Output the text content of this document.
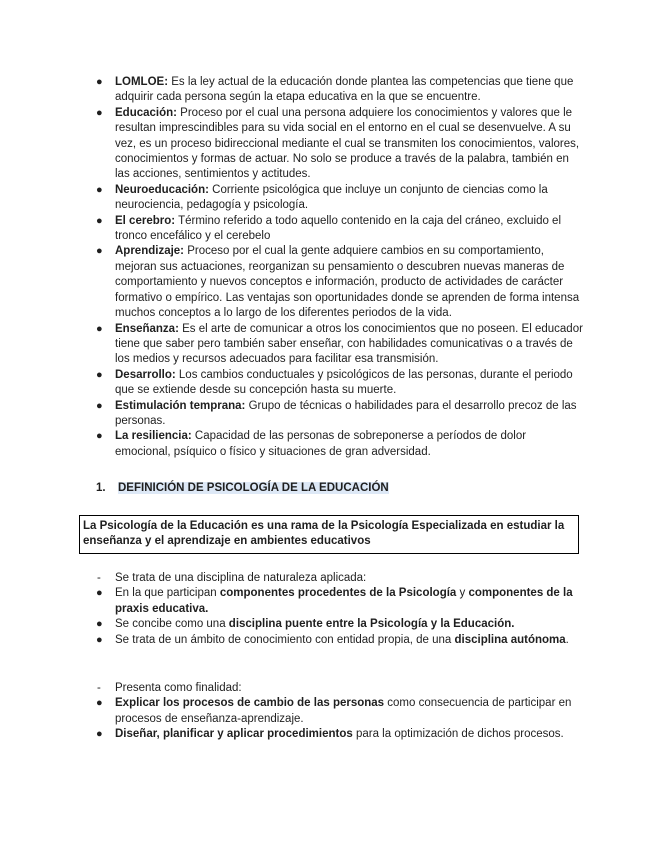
● LOMLOE: Es la ley actual de la educación donde plantea las competencias que tiene que adquirir cada persona según la etapa educativa en la que se encuentre.
● Educación: Proceso por el cual una persona adquiere los conocimientos y valores que le resultan imprescindibles para su vida social en el entorno en el cual se desenvuelve. A su vez, es un proceso bidireccional mediante el cual se transmiten los conocimientos, valores, conocimientos y formas de actuar. No solo se produce a través de la palabra, también en las acciones, sentimientos y actitudes.
● Neuroeducación: Corriente psicológica que incluye un conjunto de ciencias como la neurociencia, pedagogía y psicología.
● El cerebro: Término referido a todo aquello contenido en la caja del cráneo, excluido el tronco encefálico y el cerebelo
● Aprendizaje: Proceso por el cual la gente adquiere cambios en su comportamiento, mejoran sus actuaciones, reorganizan su pensamiento o descubren nuevas maneras de comportamiento y nuevos conceptos e información, producto de actividades de carácter formativo o empírico. Las ventajas son oportunidades donde se aprenden de forma intensa muchos conceptos a lo largo de los diferentes periodos de la vida.
● Enseñanza: Es el arte de comunicar a otros los conocimientos que no poseen. El educador tiene que saber pero también saber enseñar, con habilidades comunicativas o a través de los medios y recursos adecuados para facilitar esa transmisión.
● Desarrollo: Los cambios conductuales y psicológicos de las personas, durante el periodo que se extiende desde su concepción hasta su muerte.
● Estimulación temprana: Grupo de técnicas o habilidades para el desarrollo precoz de las personas.
● La resiliencia: Capacidad de las personas de sobreponerse a períodos de dolor emocional, psíquico o físico y situaciones de gran adversidad.
1. DEFINICIÓN DE PSICOLOGÍA DE LA EDUCACIÓN
La Psicología de la Educación es una rama de la Psicología Especializada en estudiar la enseñanza y el aprendizaje en ambientes educativos
- Se trata de una disciplina de naturaleza aplicada:
● En la que participan componentes procedentes de la Psicología y componentes de la praxis educativa.
● Se concibe como una disciplina puente entre la Psicología y la Educación.
● Se trata de un ámbito de conocimiento con entidad propia, de una disciplina autónoma.
- Presenta como finalidad:
● Explicar los procesos de cambio de las personas como consecuencia de participar en procesos de enseñanza-aprendizaje.
● Diseñar, planificar y aplicar procedimientos para la optimización de dichos procesos.
